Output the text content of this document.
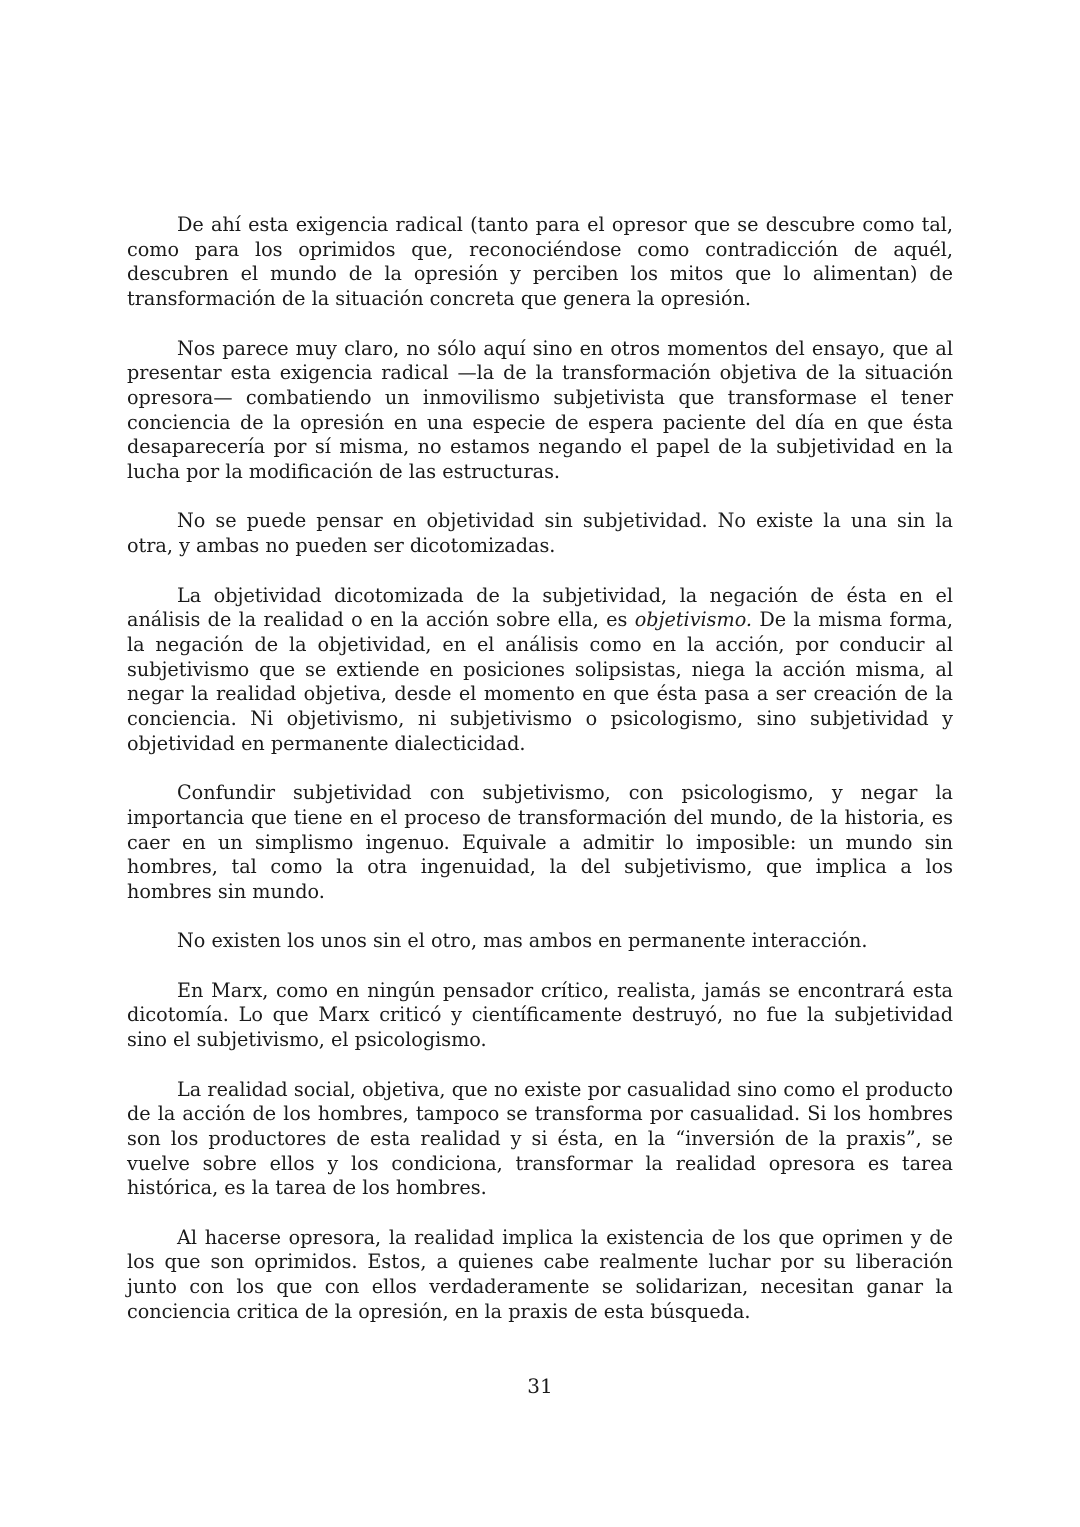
De ahí esta exigencia radical (tanto para el opresor que se descubre como tal, como para los oprimidos que, reconociéndose como contradicción de aquél, descubren el mundo de la opresión y perciben los mitos que lo alimentan) de transformación de la situación concreta que genera la opresión.

Nos parece muy claro, no sólo aquí sino en otros momentos del ensayo, que al presentar esta exigencia radical —la de la transformación objetiva de la situación opresora— combatiendo un inmovilismo subjetivista que transformase el tener conciencia de la opresión en una especie de espera paciente del día en que ésta desaparecería por sí misma, no estamos negando el papel de la subjetividad en la lucha por la modificación de las estructuras.

No se puede pensar en objetividad sin subjetividad. No existe la una sin la otra, y ambas no pueden ser dicotomizadas.

La objetividad dicotomizada de la subjetividad, la negación de ésta en el análisis de la realidad o en la acción sobre ella, es objetivismo. De la misma forma, la negación de la objetividad, en el análisis como en la acción, por conducir al subjetivismo que se extiende en posiciones solipsistas, niega la acción misma, al negar la realidad objetiva, desde el momento en que ésta pasa a ser creación de la conciencia. Ni objetivismo, ni subjetivismo o psicologismo, sino subjetividad y objetividad en permanente dialecticidad.

Confundir subjetividad con subjetivismo, con psicologismo, y negar la importancia que tiene en el proceso de transformación del mundo, de la historia, es caer en un simplismo ingenuo. Equivale a admitir lo imposible: un mundo sin hombres, tal como la otra ingenuidad, la del subjetivismo, que implica a los hombres sin mundo.

No existen los unos sin el otro, mas ambos en permanente interacción.

En Marx, como en ningún pensador crítico, realista, jamás se encontrará esta dicotomía. Lo que Marx criticó y científicamente destruyó, no fue la subjetividad sino el subjetivismo, el psicologismo.

La realidad social, objetiva, que no existe por casualidad sino como el producto de la acción de los hombres, tampoco se transforma por casualidad. Si los hombres son los productores de esta realidad y si ésta, en la “inversión de la praxis”, se vuelve sobre ellos y los condiciona, transformar la realidad opresora es tarea histórica, es la tarea de los hombres.

Al hacerse opresora, la realidad implica la existencia de los que oprimen y de los que son oprimidos. Estos, a quienes cabe realmente luchar por su liberación junto con los que con ellos verdaderamente se solidarizan, necesitan ganar la conciencia critica de la opresión, en la praxis de esta búsqueda.

31
